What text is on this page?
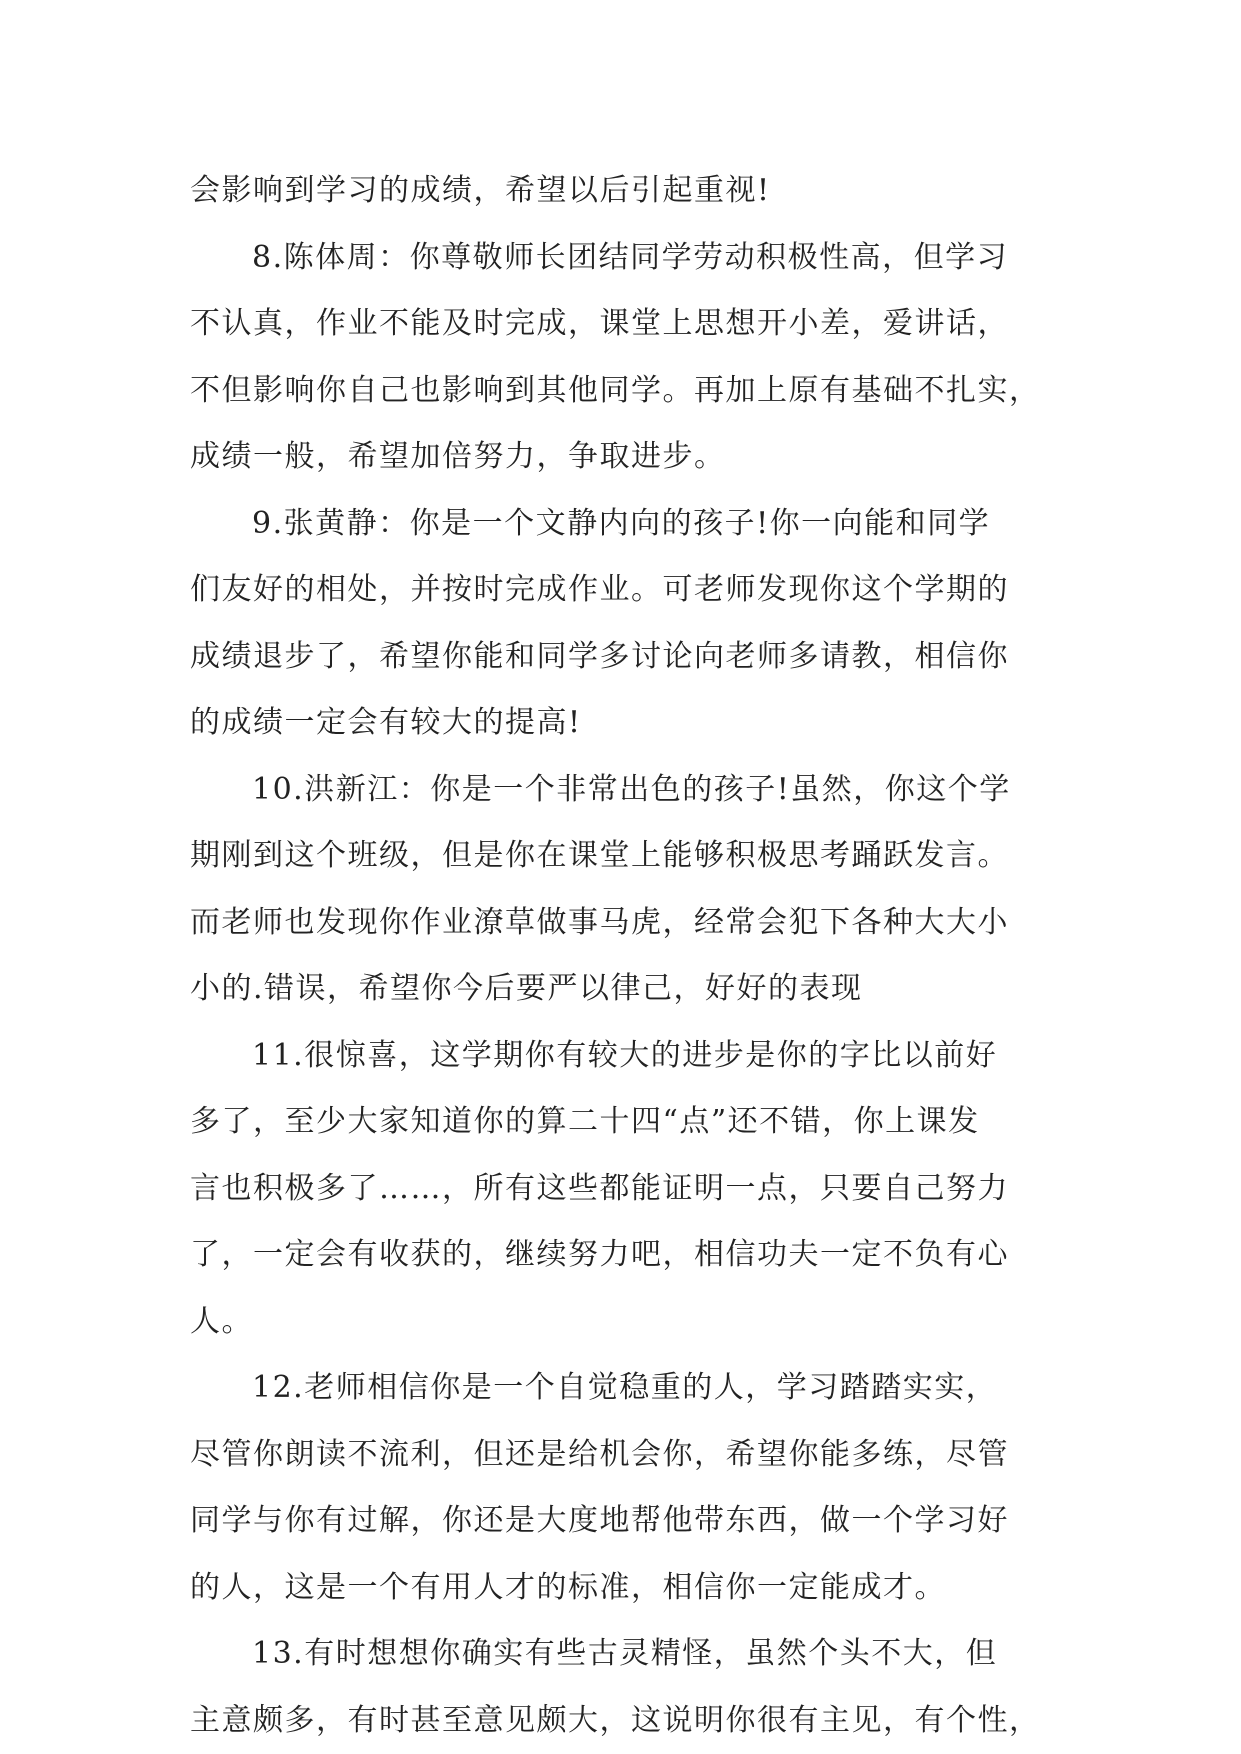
会影响到学习的成绩，希望以后引起重视!
8.陈体周：你尊敬师长团结同学劳动积极性高，但学习
不认真，作业不能及时完成，课堂上思想开小差，爱讲话，
不但影响你自己也影响到其他同学。再加上原有基础不扎实，
成绩一般，希望加倍努力，争取进步。
9.张黄静：你是一个文静内向的孩子!你一向能和同学
们友好的相处，并按时完成作业。可老师发现你这个学期的
成绩退步了，希望你能和同学多讨论向老师多请教，相信你
的成绩一定会有较大的提高!
10.洪新江：你是一个非常出色的孩子!虽然，你这个学
期刚到这个班级，但是你在课堂上能够积极思考踊跃发言。
而老师也发现你作业潦草做事马虎，经常会犯下各种大大小
小的.错误，希望你今后要严以律己，好好的表现
11.很惊喜，这学期你有较大的进步是你的字比以前好
多了，至少大家知道你的算二十四“点”还不错，你上课发
言也积极多了……，所有这些都能证明一点，只要自己努力
了，一定会有收获的，继续努力吧，相信功夫一定不负有心
人。
12.老师相信你是一个自觉稳重的人，学习踏踏实实，
尽管你朗读不流利，但还是给机会你，希望你能多练，尽管
同学与你有过解，你还是大度地帮他带东西，做一个学习好
的人，这是一个有用人才的标准，相信你一定能成才。
13.有时想想你确实有些古灵精怪，虽然个头不大，但
主意颇多，有时甚至意见颇大，这说明你很有主见，有个性，
